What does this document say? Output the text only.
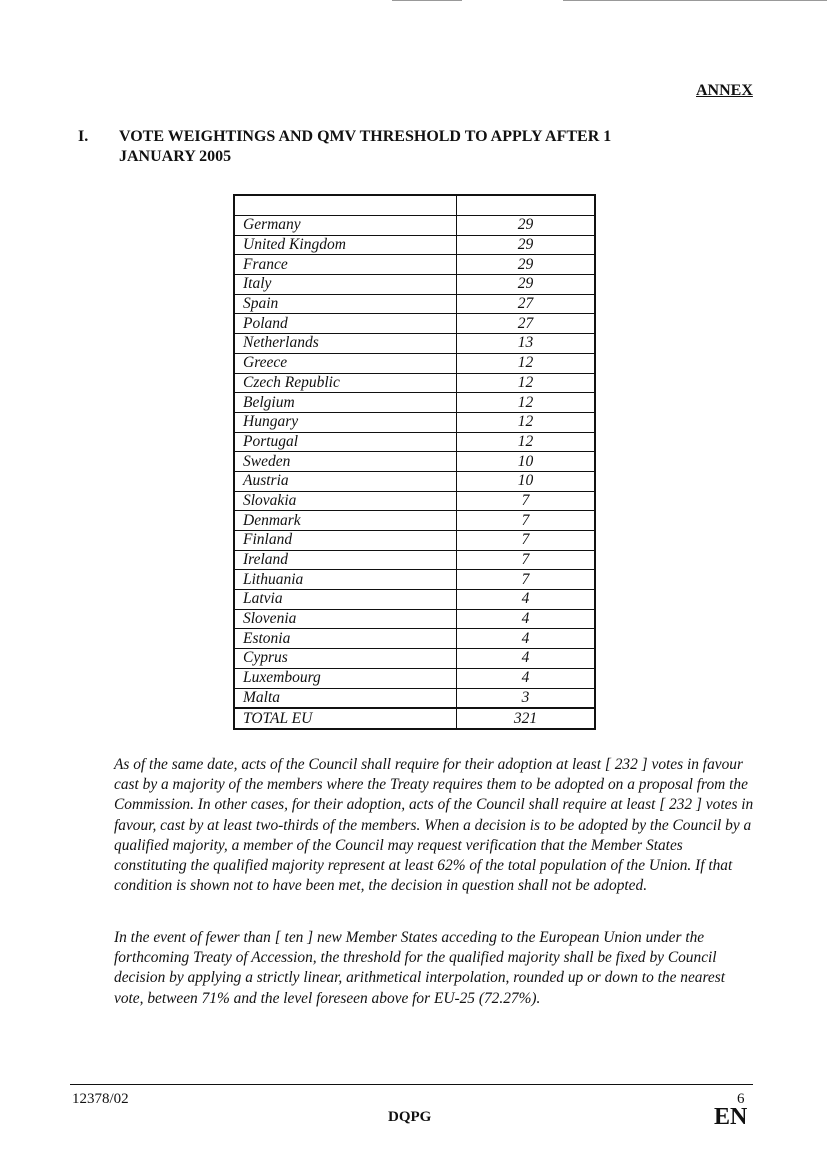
ANNEX
I. VOTE WEIGHTINGS AND QMV THRESHOLD TO APPLY AFTER 1 JANUARY 2005

Germany	29
United Kingdom	29
France	29
Italy	29
Spain	27
Poland	27
Netherlands	13
Greece	12
Czech Republic	12
Belgium	12
Hungary	12
Portugal	12
Sweden	10
Austria	10
Slovakia	7
Denmark	7
Finland	7
Ireland	7
Lithuania	7
Latvia	4
Slovenia	4
Estonia	4
Cyprus	4
Luxembourg	4
Malta	3
TOTAL EU	321
As of the same date, acts of the Council shall require for their adoption at least [ 232 ] votes in favour cast by a majority of the members where the Treaty requires them to be adopted on a proposal from the Commission. In other cases, for their adoption, acts of the Council shall require at least [ 232 ] votes in favour, cast by at least two-thirds of the members. When a decision is to be adopted by the Council by a qualified majority, a member of the Council may request verification that the Member States constituting the qualified majority represent at least 62% of the total population of the Union. If that condition is shown not to have been met, the decision in question shall not be adopted.
In the event of fewer than [ ten ] new Member States acceding to the European Union under the forthcoming Treaty of Accession, the threshold for the qualified majority shall be fixed by Council decision by applying a strictly linear, arithmetical interpolation, rounded up or down to the nearest vote, between 71% and the level foreseen above for EU-25 (72.27%).
12378/02	6
DQPG	EN
